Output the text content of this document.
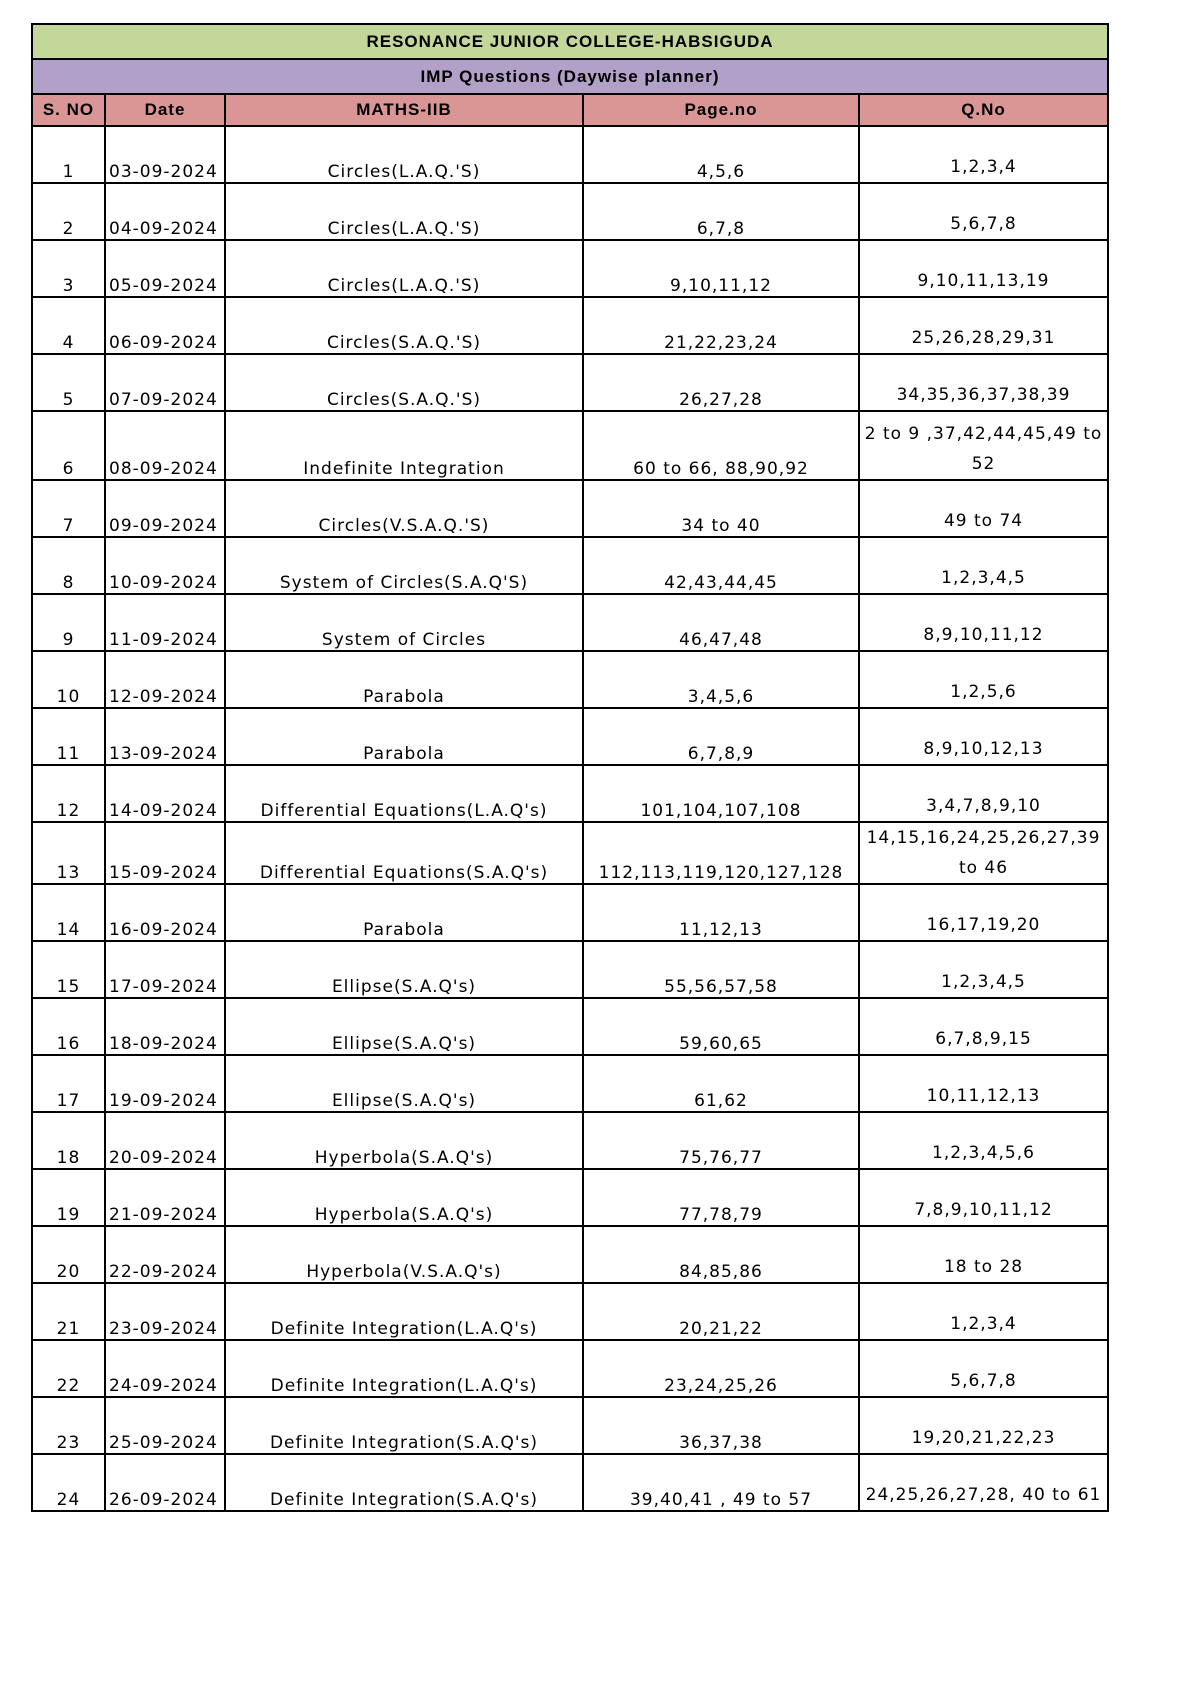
RESONANCE JUNIOR COLLEGE-HABSIGUDA				
IMP Questions (Daywise planner)				
S. NO	Date	MATHS-IIB	Page.no	Q.No
1	03-09-2024	Circles(L.A.Q.'S)	4,5,6	1,2,3,4
2	04-09-2024	Circles(L.A.Q.'S)	6,7,8	5,6,7,8
3	05-09-2024	Circles(L.A.Q.'S)	9,10,11,12	9,10,11,13,19
4	06-09-2024	Circles(S.A.Q.'S)	21,22,23,24	25,26,28,29,31
5	07-09-2024	Circles(S.A.Q.'S)	26,27,28	34,35,36,37,38,39
6	08-09-2024	Indefinite Integration	60 to 66, 88,90,92	2 to 9 ,37,42,44,45,49 to 52
7	09-09-2024	Circles(V.S.A.Q.'S)	34 to 40	49 to 74
8	10-09-2024	System of Circles(S.A.Q'S)	42,43,44,45	1,2,3,4,5
9	11-09-2024	System of Circles	46,47,48	8,9,10,11,12
10	12-09-2024	Parabola	3,4,5,6	1,2,5,6
11	13-09-2024	Parabola	6,7,8,9	8,9,10,12,13
12	14-09-2024	Differential Equations(L.A.Q's)	101,104,107,108	3,4,7,8,9,10
13	15-09-2024	Differential Equations(S.A.Q's)	112,113,119,120,127,128	14,15,16,24,25,26,27,39 to 46
14	16-09-2024	Parabola	11,12,13	16,17,19,20
15	17-09-2024	Ellipse(S.A.Q's)	55,56,57,58	1,2,3,4,5
16	18-09-2024	Ellipse(S.A.Q's)	59,60,65	6,7,8,9,15
17	19-09-2024	Ellipse(S.A.Q's)	61,62	10,11,12,13
18	20-09-2024	Hyperbola(S.A.Q's)	75,76,77	1,2,3,4,5,6
19	21-09-2024	Hyperbola(S.A.Q's)	77,78,79	7,8,9,10,11,12
20	22-09-2024	Hyperbola(V.S.A.Q's)	84,85,86	18 to 28
21	23-09-2024	Definite Integration(L.A.Q's)	20,21,22	1,2,3,4
22	24-09-2024	Definite Integration(L.A.Q's)	23,24,25,26	5,6,7,8
23	25-09-2024	Definite Integration(S.A.Q's)	36,37,38	19,20,21,22,23
24	26-09-2024	Definite Integration(S.A.Q's)	39,40,41 , 49 to 57	24,25,26,27,28, 40 to 61
